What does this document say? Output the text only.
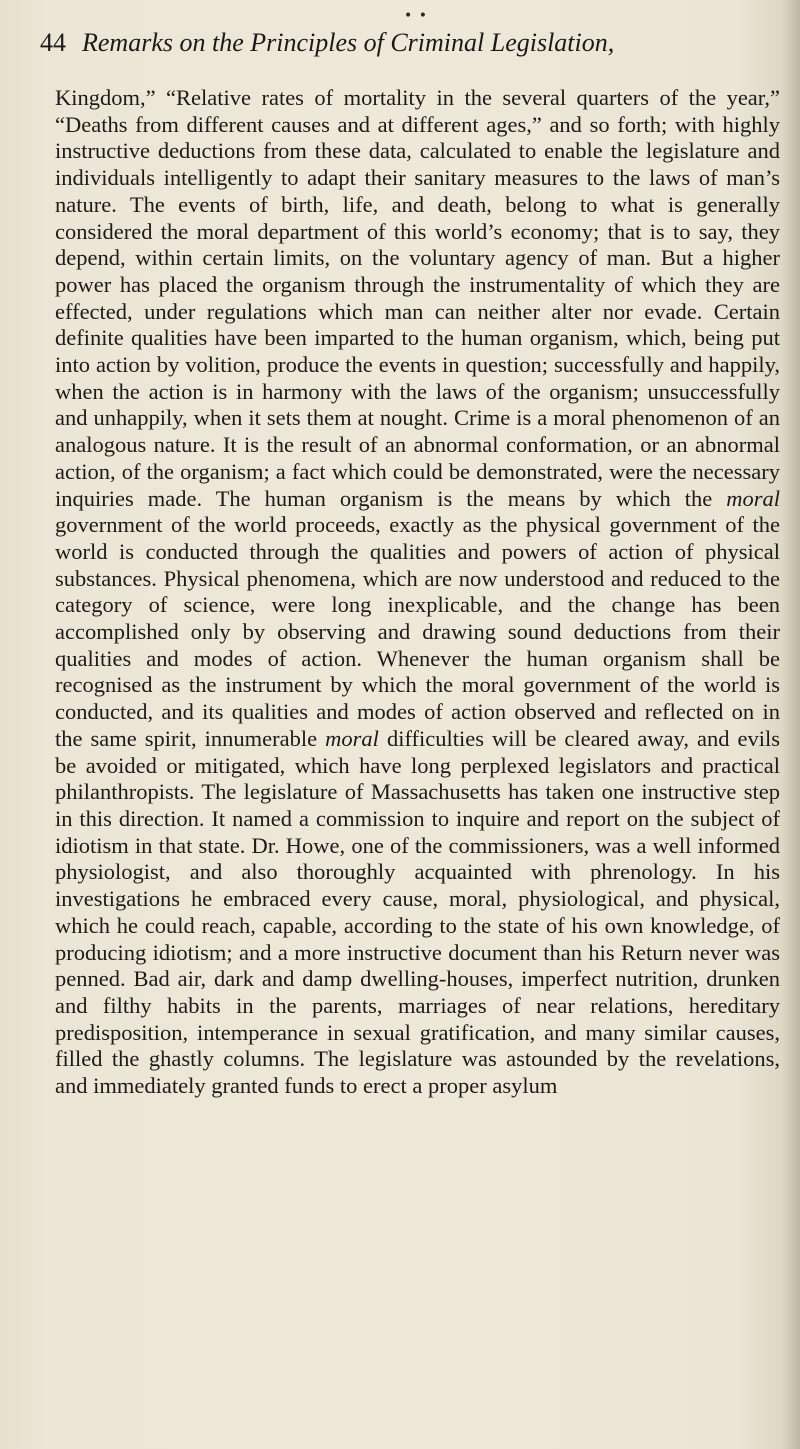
• •
44 Remarks on the Principles of Criminal Legislation,

Kingdom,” “Relative rates of mortality in the several quarters of the year,” “Deaths from different causes and at different ages,” and so forth; with highly instructive deductions from these data, calculated to enable the legislature and individuals intelligently to adapt their sanitary measures to the laws of man’s nature. The events of birth, life, and death, belong to what is generally considered the moral department of this world’s economy; that is to say, they depend, within certain limits, on the voluntary agency of man. But a higher power has placed the organism through the instrumentality of which they are effected, under regulations which man can neither alter nor evade. Certain definite qualities have been imparted to the human organism, which, being put into action by volition, produce the events in question; successfully and happily, when the action is in harmony with the laws of the organism; unsuccessfully and unhappily, when it sets them at nought. Crime is a moral phenomenon of an analogous nature. It is the result of an abnormal conformation, or an abnormal action, of the organism; a fact which could be demonstrated, were the necessary inquiries made. The human organism is the means by which the moral government of the world proceeds, exactly as the physical government of the world is conducted through the qualities and powers of action of physical substances. Physical phenomena, which are now understood and reduced to the category of science, were long inexplicable, and the change has been accomplished only by observing and drawing sound deductions from their qualities and modes of action. Whenever the human organism shall be recognised as the instrument by which the moral government of the world is conducted, and its qualities and modes of action observed and reflected on in the same spirit, innumerable moral difficulties will be cleared away, and evils be avoided or mitigated, which have long perplexed legislators and practical philanthropists. The legislature of Massachusetts has taken one instructive step in this direction. It named a commission to inquire and report on the subject of idiotism in that state. Dr. Howe, one of the commissioners, was a well informed physiologist, and also thoroughly acquainted with phrenology. In his investigations he embraced every cause, moral, physiological, and physical, which he could reach, capable, according to the state of his own knowledge, of producing idiotism; and a more instructive document than his Return never was penned. Bad air, dark and damp dwelling-houses, imperfect nutrition, drunken and filthy habits in the parents, marriages of near relations, hereditary predisposition, intemperance in sexual gratification, and many similar causes, filled the ghastly columns. The legislature was astounded by the revelations, and immediately granted funds to erect a proper asylum
